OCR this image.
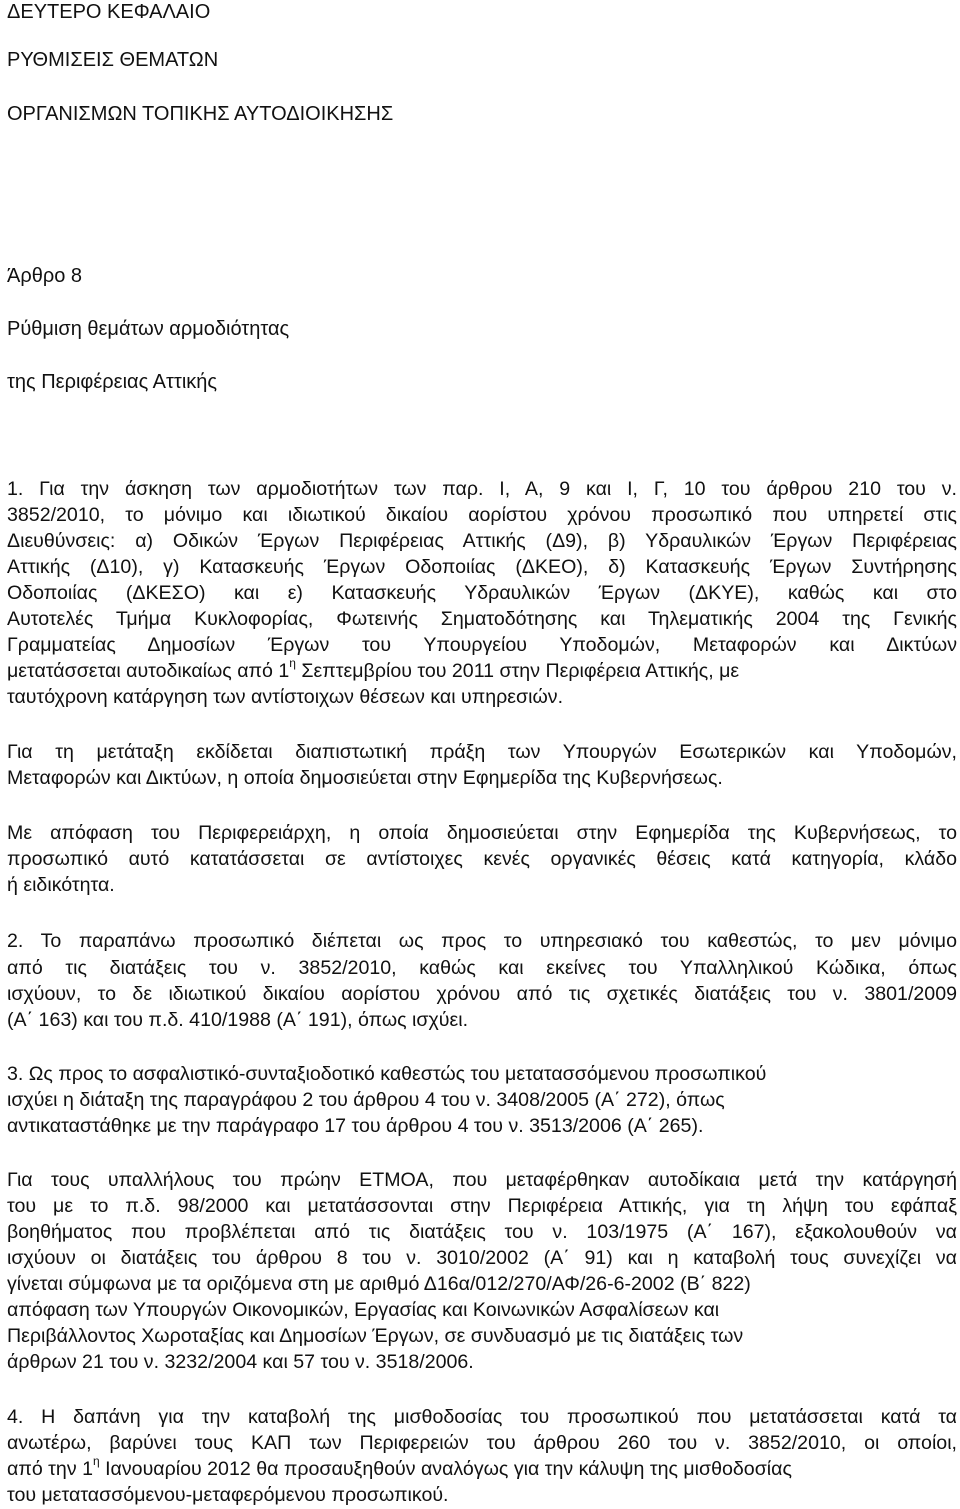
ΔΕΥΤΕΡΟ ΚΕΦΑΛΑΙΟ
ΡΥΘΜΙΣΕΙΣ ΘΕΜΑΤΩΝ
ΟΡΓΑΝΙΣΜΩΝ ΤΟΠΙΚΗΣ ΑΥΤΟΔΙΟΙΚΗΣΗΣ
Άρθρο 8
Ρύθμιση θεμάτων αρμοδιότητας
της Περιφέρειας Αττικής
1. Για την άσκηση των αρμοδιοτήτων των παρ. Ι, Α, 9 και Ι, Γ, 10 του άρθρου 210 του ν.
3852/2010, το μόνιμο και ιδιωτικού δικαίου αορίστου χρόνου προσωπικό που υπηρετεί στις
Διευθύνσεις: α) Οδικών Έργων Περιφέρειας Αττικής (Δ9), β) Υδραυλικών Έργων Περιφέρειας
Αττικής (Δ10), γ) Κατασκευής Έργων Οδοποιίας (ΔΚΕΟ), δ) Κατασκευής Έργων Συντήρησης
Οδοποιίας (ΔΚΕΣΟ) και ε) Κατασκευής Υδραυλικών Έργων (ΔΚΥΕ), καθώς και στο
Αυτοτελές Τμήμα Κυκλοφορίας, Φωτεινής Σηματοδότησης και Τηλεματικής 2004 της Γενικής
Γραμματείας Δημοσίων Έργων του Υπουργείου Υποδομών, Μεταφορών και Δικτύων
μετατάσσεται αυτοδικαίως από $1^\eta$ Σεπτεμβρίου του 2011 στην Περιφέρεια Αττικής, με
ταυτόχρονη κατάργηση των αντίστοιχων θέσεων και υπηρεσιών.
Για τη μετάταξη εκδίδεται διαπιστωτική πράξη των Υπουργών Εσωτερικών και Υποδομών,
Μεταφορών και Δικτύων, η οποία δημοσιεύεται στην Εφημερίδα της Κυβερνήσεως.
Με απόφαση του Περιφερειάρχη, η οποία δημοσιεύεται στην Εφημερίδα της Κυβερνήσεως, το
προσωπικό αυτό κατατάσσεται σε αντίστοιχες κενές οργανικές θέσεις κατά κατηγορία, κλάδο
ή ειδικότητα.
2. Το παραπάνω προσωπικό διέπεται ως προς το υπηρεσιακό του καθεστώς, το μεν μόνιμο
από τις διατάξεις του ν. 3852/2010, καθώς και εκείνες του Υπαλληλικού Κώδικα, όπως
ισχύουν, το δε ιδιωτικού δικαίου αορίστου χρόνου από τις σχετικές διατάξεις του ν. 3801/2009
(Α΄ 163) και του π.δ. 410/1988 (Α΄ 191), όπως ισχύει.
3. Ως προς το ασφαλιστικό-συνταξιοδοτικό καθεστώς του μετατασσόμενου προσωπικού
ισχύει η διάταξη της παραγράφου 2 του άρθρου 4 του ν. 3408/2005 (Α΄ 272), όπως
αντικαταστάθηκε με την παράγραφο 17 του άρθρου 4 του ν. 3513/2006 (Α΄ 265).
Για τους υπαλλήλους του πρώην ΕΤΜΟΑ, που μεταφέρθηκαν αυτοδίκαια μετά την κατάργησή
του με το π.δ. 98/2000 και μετατάσσονται στην Περιφέρεια Αττικής, για τη λήψη του εφάπαξ
βοηθήματος που προβλέπεται από τις διατάξεις του ν. 103/1975 (Α΄ 167), εξακολουθούν να
ισχύουν οι διατάξεις του άρθρου 8 του ν. 3010/2002 (Α΄ 91) και η καταβολή τους συνεχίζει να
γίνεται σύμφωνα με τα οριζόμενα στη με αριθμό Δ16α/012/270/ΑΦ/26-6-2002 (Β΄ 822)
απόφαση των Υπουργών Οικονομικών, Εργασίας και Κοινωνικών Ασφαλίσεων και
Περιβάλλοντος Χωροταξίας και Δημοσίων Έργων, σε συνδυασμό με τις διατάξεις των
άρθρων 21 του ν. 3232/2004 και 57 του ν. 3518/2006.
4. Η δαπάνη για την καταβολή της μισθοδοσίας του προσωπικού που μετατάσσεται κατά τα
ανωτέρω, βαρύνει τους ΚΑΠ των Περιφερειών του άρθρου 260 του ν. 3852/2010, οι οποίοι,
από την $1^\eta$ Ιανουαρίου 2012 θα προσαυξηθούν αναλόγως για την κάλυψη της μισθοδοσίας
του μετατασσόμενου-μεταφερόμενου προσωπικού.
